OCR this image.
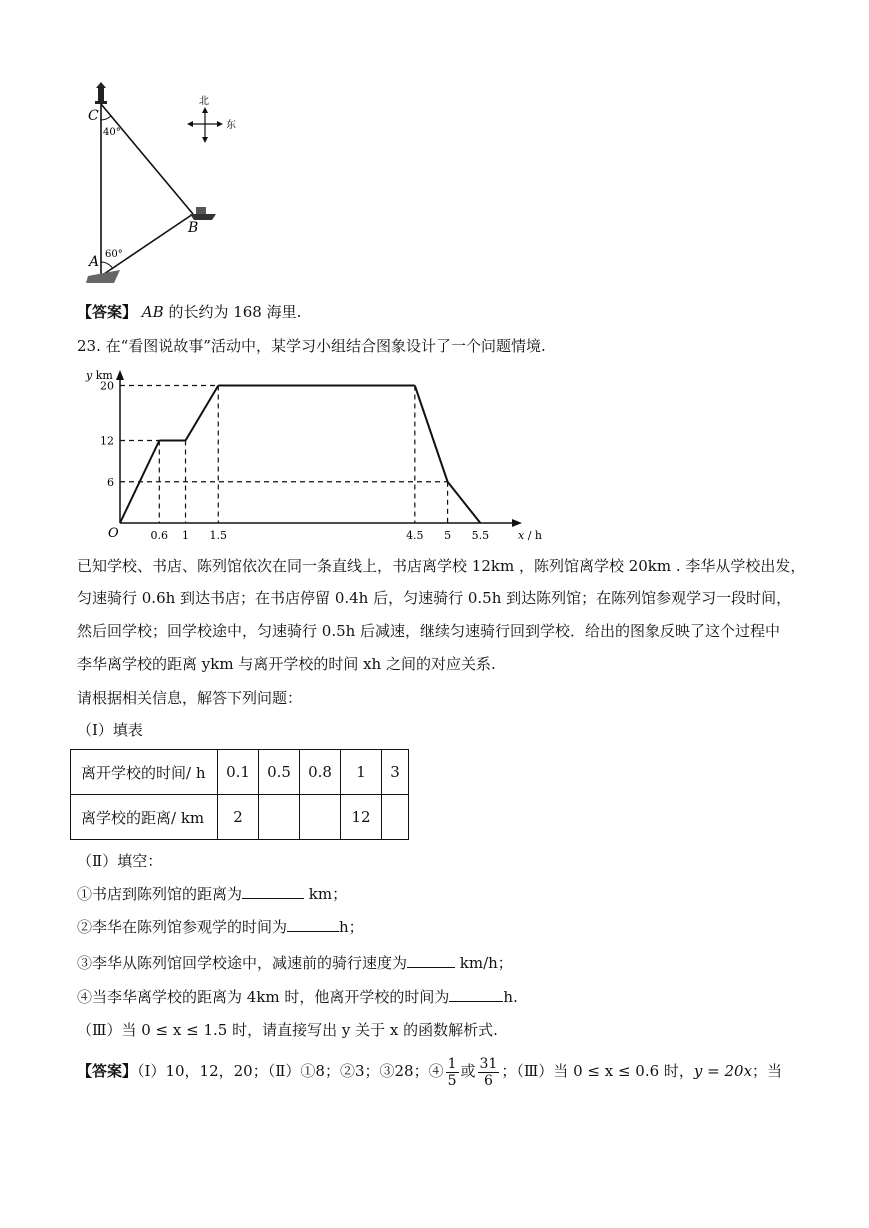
C
40°
A 60°
B
北
东
【答案】 AB 的长约为 168 海里.
23. 在“看图说故事”活动中，某学习小组结合图象设计了一个问题情境.
0.6 1 1.5	4.5 5 5.5
6
12
20
O
y km
x / h
已知学校、书店、陈列馆依次在同一条直线上，书店离学校 12km ，陈列馆离学校 20km . 李华从学校出发，
匀速骑行 0.6h 到达书店；在书店停留 0.4h 后，匀速骑行 0.5h 到达陈列馆；在陈列馆参观学习一段时间，
然后回学校；回学校途中，匀速骑行 0.5h 后减速，继续匀速骑行回到学校．给出的图象反映了这个过程中
李华离学校的距离 ykm 与离开学校的时间 xh 之间的对应关系.
请根据相关信息，解答下列问题：
（Ⅰ）填表
离开学校的时间/ h	0.1	0.5	0.8	1	3
离学校的距离/ km	2			12	
（Ⅱ）填空：
①书店到陈列馆的距离为	km；
②李华在陈列馆参观学的时间为	h；
③李华从陈列馆回学校途中，减速前的骑行速度为	km/h；
④当李华离学校的距离为 4km 时，他离开学校的时间为	h.
（Ⅲ）当 0 ≤ x ≤ 1.5 时，请直接写出 y 关于 x 的函数解析式.
【答案】（Ⅰ）10，12，20；（Ⅱ）①8；②3；③28；④ $\frac{1}{5}$ 或 $\frac{31}{6}$ ；（Ⅲ）当 0 ≤ x ≤ 0.6 时，y = 20x；当
